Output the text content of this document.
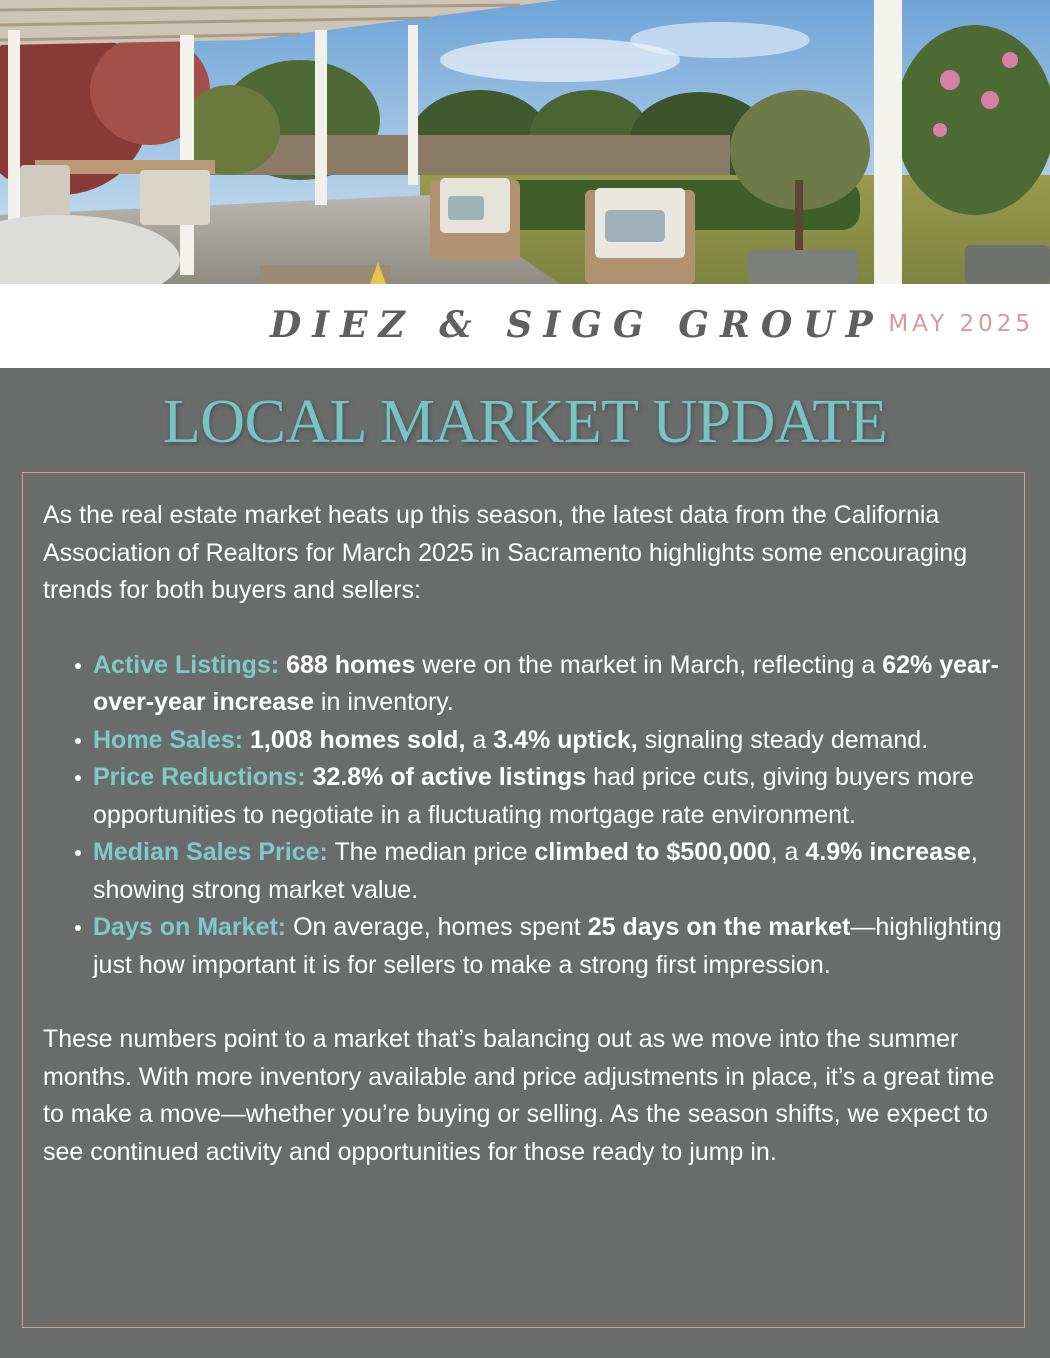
DIEZ & SIGG GROUP MAY 2025
LOCAL MARKET UPDATE

As the real estate market heats up this season, the latest data from the California Association of Realtors for March 2025 in Sacramento highlights some encouraging trends for both buyers and sellers:

Active Listings: 688 homes were on the market in March, reflecting a 62% year-over-year increase in inventory.
Home Sales: 1,008 homes sold, a 3.4% uptick, signaling steady demand.
Price Reductions: 32.8% of active listings had price cuts, giving buyers more opportunities to negotiate in a fluctuating mortgage rate environment.
Median Sales Price: The median price climbed to $500,000, a 4.9% increase, showing strong market value.
Days on Market: On average, homes spent 25 days on the market—highlighting just how important it is for sellers to make a strong first impression.

These numbers point to a market that’s balancing out as we move into the summer months. With more inventory available and price adjustments in place, it’s a great time to make a move—whether you’re buying or selling. As the season shifts, we expect to see continued activity and opportunities for those ready to jump in.
